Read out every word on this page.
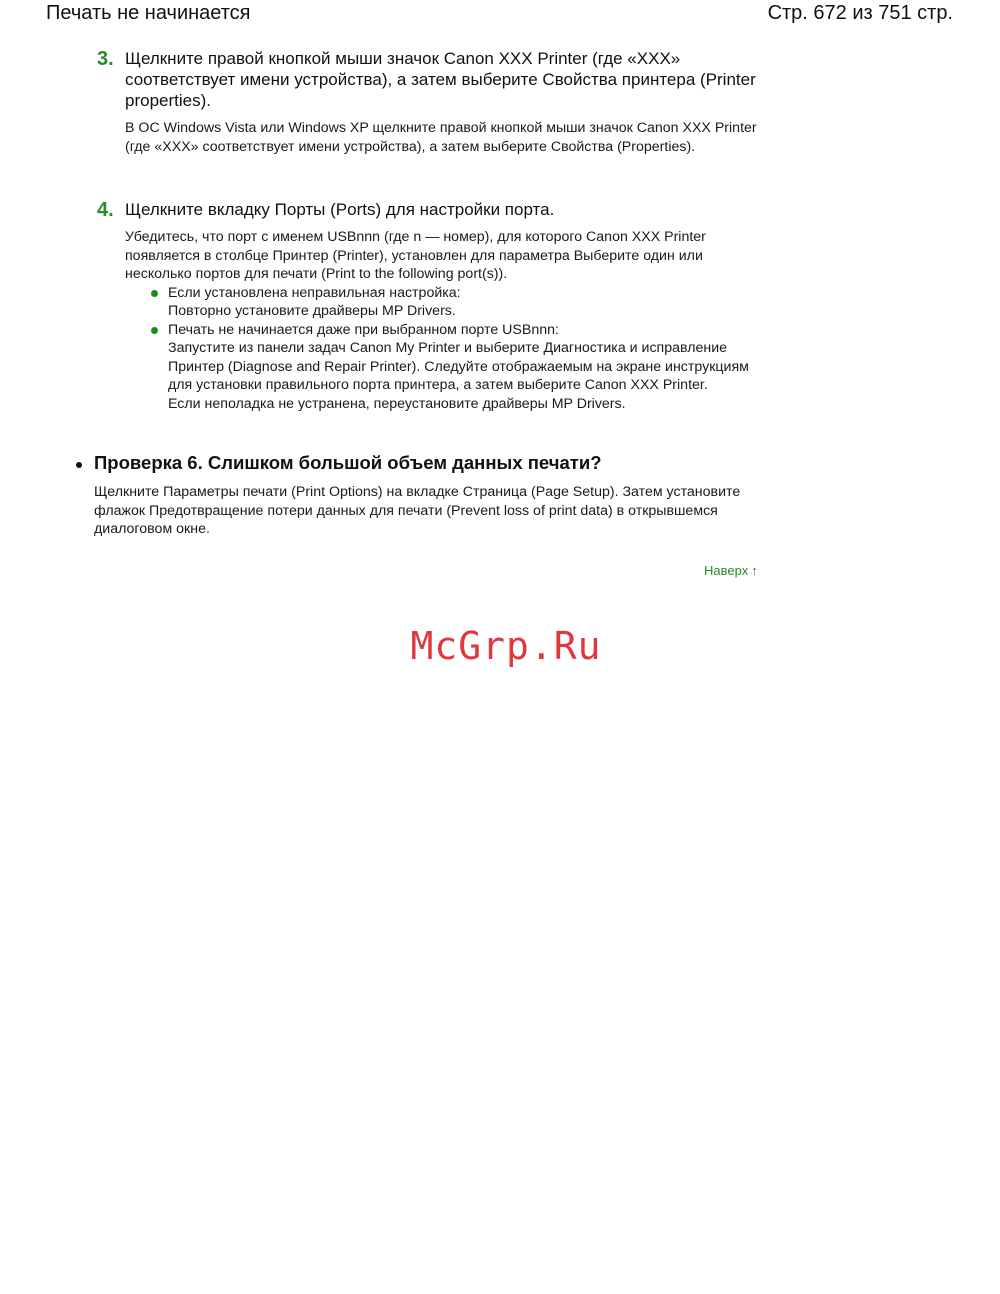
Печать не начинается	Стр. 672 из 751 стр.
3. Щелкните правой кнопкой мыши значок Canon XXX Printer (где «XXX» соответствует имени устройства), а затем выберите Свойства принтера (Printer properties).
В ОС Windows Vista или Windows XP щелкните правой кнопкой мыши значок Canon XXX Printer (где «XXX» соответствует имени устройства), а затем выберите Свойства (Properties).
4. Щелкните вкладку Порты (Ports) для настройки порта.
Убедитесь, что порт с именем USBnnn (где n — номер), для которого Canon XXX Printer появляется в столбце Принтер (Printer), установлен для параметра Выберите один или несколько портов для печати (Print to the following port(s)).
Если установлена неправильная настройка:
Повторно установите драйверы MP Drivers.
Печать не начинается даже при выбранном порте USBnnn:
Запустите из панели задач Canon My Printer и выберите Диагностика и исправление Принтер (Diagnose and Repair Printer). Следуйте отображаемым на экране инструкциям для установки правильного порта принтера, а затем выберите Canon XXX Printer.
Если неполадка не устранена, переустановите драйверы MP Drivers.
Проверка 6. Слишком большой объем данных печати?
Щелкните Параметры печати (Print Options) на вкладке Страница (Page Setup). Затем установите флажок Предотвращение потери данных для печати (Prevent loss of print data) в открывшемся диалоговом окне.
Наверх ↑
McGrp.Ru
